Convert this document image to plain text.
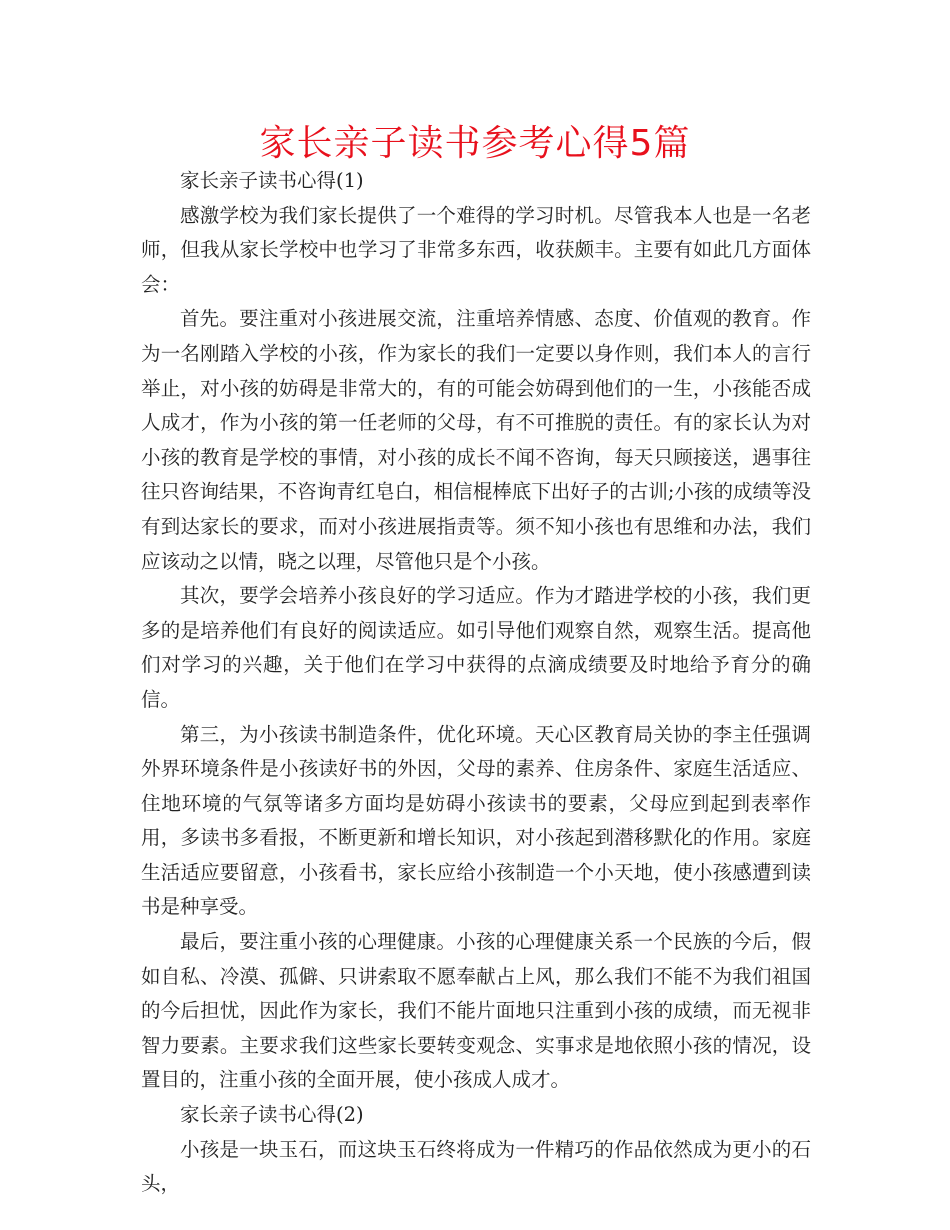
家长亲子读书参考心得5篇

家长亲子读书心得(1)

感激学校为我们家长提供了一个难得的学习时机。尽管我本人也是一名老师，但我从家长学校中也学习了非常多东西，收获颇丰。主要有如此几方面体会：

首先。要注重对小孩进展交流，注重培养情感、态度、价值观的教育。作为一名刚踏入学校的小孩，作为家长的我们一定要以身作则，我们本人的言行举止，对小孩的妨碍是非常大的，有的可能会妨碍到他们的一生，小孩能否成人成才，作为小孩的第一任老师的父母，有不可推脱的责任。有的家长认为对小孩的教育是学校的事情，对小孩的成长不闻不咨询，每天只顾接送，遇事往往只咨询结果，不咨询青红皂白，相信棍棒底下出好子的古训;小孩的成绩等没有到达家长的要求，而对小孩进展指责等。须不知小孩也有思维和办法，我们应该动之以情，晓之以理，尽管他只是个小孩。

其次，要学会培养小孩良好的学习适应。作为才踏进学校的小孩，我们更多的是培养他们有良好的阅读适应。如引导他们观察自然，观察生活。提高他们对学习的兴趣，关于他们在学习中获得的点滴成绩要及时地给予育分的确信。

第三，为小孩读书制造条件，优化环境。天心区教育局关协的李主任强调外界环境条件是小孩读好书的外因，父母的素养、住房条件、家庭生活适应、住地环境的气氛等诸多方面均是妨碍小孩读书的要素，父母应到起到表率作用，多读书多看报，不断更新和增长知识，对小孩起到潜移默化的作用。家庭生活适应要留意，小孩看书，家长应给小孩制造一个小天地，使小孩感遭到读书是种享受。

最后，要注重小孩的心理健康。小孩的心理健康关系一个民族的今后，假如自私、冷漠、孤僻、只讲索取不愿奉献占上风，那么我们不能不为我们祖国的今后担忧，因此作为家长，我们不能片面地只注重到小孩的成绩，而无视非智力要素。主要求我们这些家长要转变观念、实事求是地依照小孩的情况，设置目的，注重小孩的全面开展，使小孩成人成才。

家长亲子读书心得(2)

小孩是一块玉石，而这块玉石终将成为一件精巧的作品依然成为更小的石头，
